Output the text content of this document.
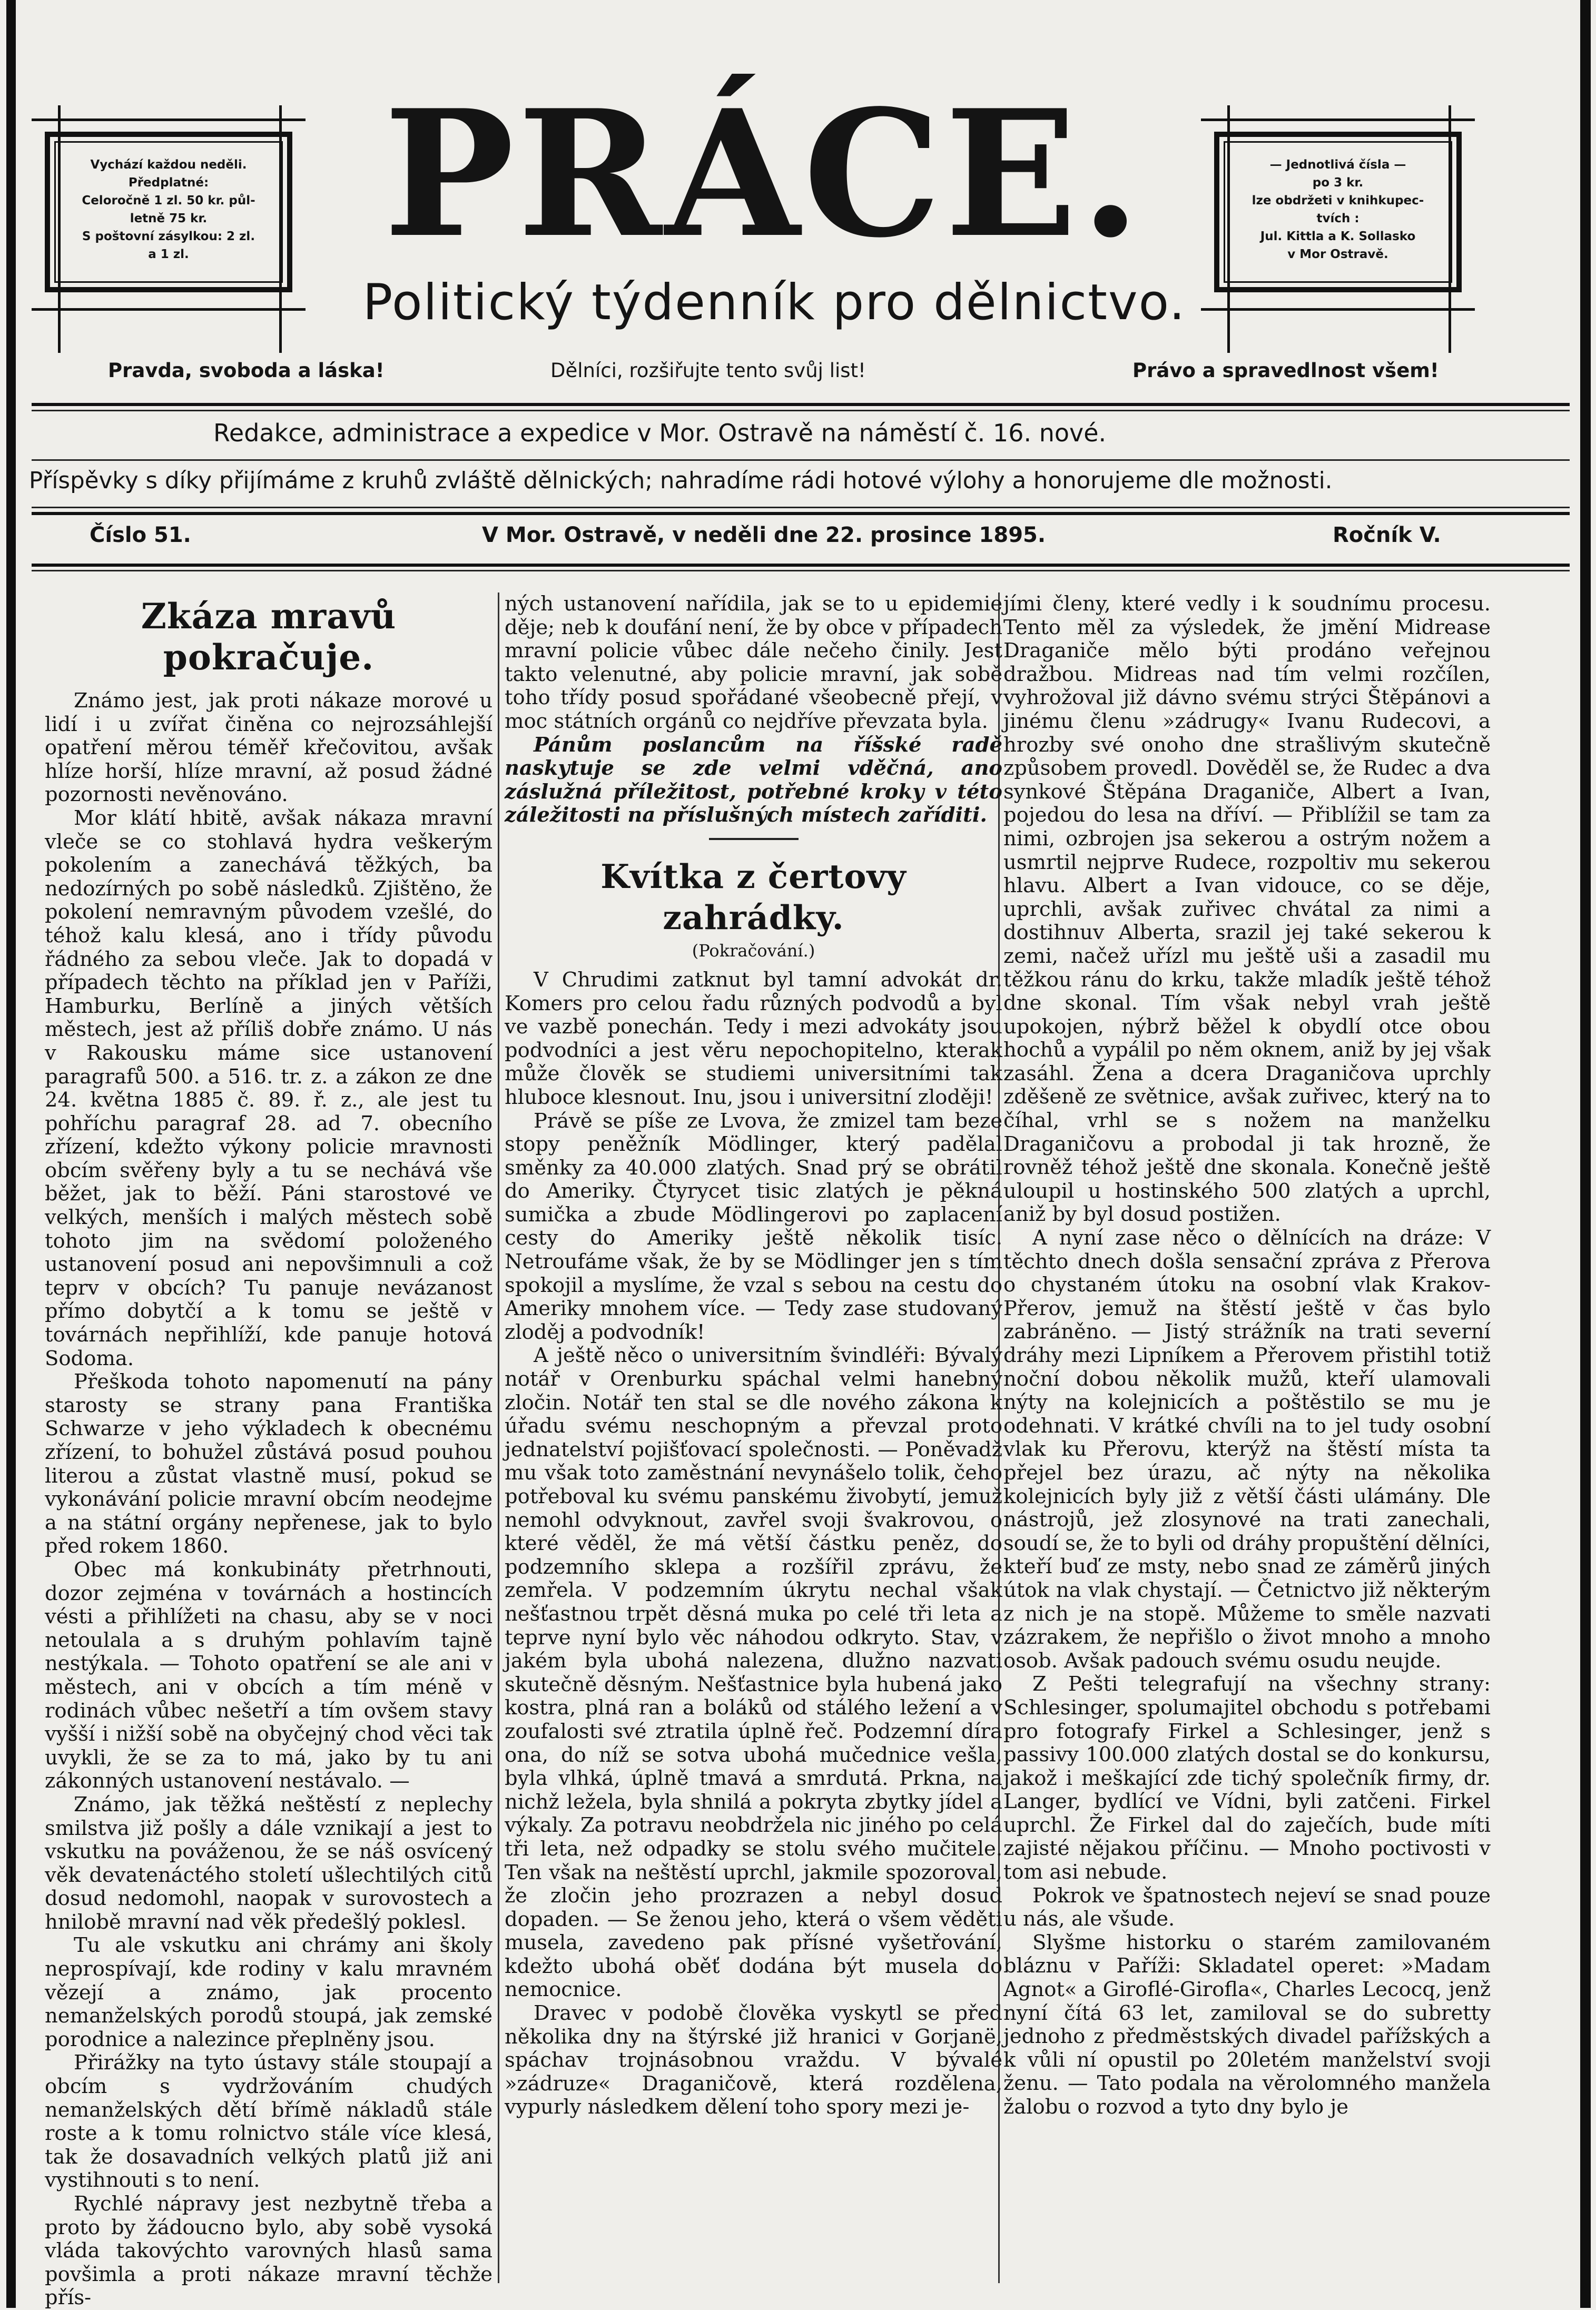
Vychází každou neděli.
Předplatné:
Celoročně 1 zl. 50 kr. půl-
letně 75 kr.
S poštovní zásylkou: 2 zl.
a 1 zl.
— Jednotlivá čísla —
po 3 kr.
lze obdržeti v knihkupec-
tvích :
Jul. Kittla a K. Sollasko
v Mor Ostravě.
PRÁCE.

Politický týdenník pro dělnictvo.

Pravda, svoboda a láska!	Dělníci, rozšiřujte tento svůj list!	Právo a spravedlnost všem!
Redakce, administrace a expedice v Mor. Ostravě na náměstí č. 16. nové.
Příspěvky s díky přijímáme z kruhů zvláště dělnických; nahradíme rádi hotové výlohy a honorujeme dle možnosti.
Číslo 51.	V Mor. Ostravě, v neděli dne 22. prosince 1895.	Ročník V.
Zkáza mravů pokračuje.

Známo jest, jak proti nákaze morové u lidí i u zvířat činěna co nejrozsáhlejší opatření měrou téměř křečovitou, avšak hlíze horší, hlíze mravní, až posud žádné pozornosti nevěnováno.

Mor klátí hbitě, avšak nákaza mravní vleče se co stohlavá hydra veškerým pokolením a zanechává těžkých, ba nedozírných po sobě následků. Zjištěno, že pokolení nemravným původem vzešlé, do téhož kalu klesá, ano i třídy původu řádného za sebou vleče. Jak to dopadá v případech těchto na příklad jen v Paříži, Hamburku, Berlíně a jiných větších městech, jest až příliš dobře známo. U nás v Rakousku máme sice ustanovení paragrafů 500. a 516. tr. z. a zákon ze dne 24. května 1885 č. 89. ř. z., ale jest tu pohříchu paragraf 28. ad 7. obecního zřízení, kdežto výkony policie mravnosti obcím svěřeny byly a tu se nechává vše běžet, jak to běží. Páni starostové ve velkých, menších i malých městech sobě tohoto jim na svědomí položeného ustanovení posud ani nepovšimnuli a což teprv v obcích? Tu panuje nevázanost přímo dobytčí a k tomu se ještě v továrnách nepřihlíží, kde panuje hotová Sodoma.

Přeškoda tohoto napomenutí na pány starosty se strany pana Františka Schwarze v jeho výkladech k obecnému zřízení, to bohužel zůstává posud pouhou literou a zůstat vlastně musí, pokud se vykonávání policie mravní obcím neodejme a na státní orgány nepřenese, jak to bylo před rokem 1860.

Obec má konkubináty přetrhnouti, dozor zejména v továrnách a hostincích vésti a přihlížeti na chasu, aby se v noci netoulala a s druhým pohlavím tajně nestýkala. — Tohoto opatření se ale ani v městech, ani v obcích a tím méně v rodinách vůbec nešetří a tím ovšem stavy vyšší i nižší sobě na obyčejný chod věci tak uvykli, že se za to má, jako by tu ani zákonných ustanovení nestávalo. —

Známo, jak těžká neštěstí z neplechy smilstva již pošly a dále vznikají a jest to vskutku na pováženou, že se náš osvícený věk devatenáctého století ušlechtilých citů dosud nedomohl, naopak v surovostech a hnilobě mravní nad věk předešlý poklesl.

Tu ale vskutku ani chrámy ani školy neprospívají, kde rodiny v kalu mravném vězejí a známo, jak procento nemanželských porodů stoupá, jak zemské porodnice a nalezince přeplněny jsou.

Přirážky na tyto ústavy stále stoupají a obcím s vydržováním chudých nemanželských dětí břímě nákladů stále roste a k tomu rolnictvo stále více klesá, tak že dosavadních velkých platů již ani vystihnouti s to není.

Rychlé nápravy jest nezbytně třeba a proto by žádoucno bylo, aby sobě vysoká vláda takovýchto varovných hlasů sama povšimla a proti nákaze mravní těchže přís-

ných ustanovení nařídila, jak se to u epidemie děje; neb k doufání není, že by obce v případech mravní policie vůbec dále nečeho činily. Jest takto velenutné, aby policie mravní, jak sobě toho třídy posud spořádané všeobecně přejí, v moc státních orgánů co nejdříve převzata byla.

Pánům poslancům na říšské radě naskytuje se zde velmi vděčná, ano záslužná příležitost, potřebné kroky v této záležitosti na příslušných místech zaříditi.

Kvítka z čertovy zahrádky.
(Pokračování.)

V Chrudimi zatknut byl tamní advokát dr. Komers pro celou řadu různých podvodů a byl ve vazbě ponechán. Tedy i mezi advokáty jsou podvodníci a jest věru nepochopitelno, kterak může člověk se studiemi universitními tak hluboce klesnout. Inu, jsou i universitní zloději!

Právě se píše ze Lvova, že zmizel tam beze stopy peněžník Mödlinger, který padělal směnky za 40.000 zlatých. Snad prý se obrátil do Ameriky. Čtyrycet tisic zlatých je pěkná sumička a zbude Mödlingerovi po zaplacení cesty do Ameriky ještě několik tisíc. Netroufáme však, že by se Mödlinger jen s tím spokojil a myslíme, že vzal s sebou na cestu do Ameriky mnohem více. — Tedy zase studovaný zloděj a podvodník!

A ještě něco o universitním švindléři: Bývalý notář v Orenburku spáchal velmi hanebný zločin. Notář ten stal se dle nového zákona k úřadu svému neschopným a převzal proto jednatelství pojišťovací společnosti. — Poněvadž mu však toto zaměstnání nevynášelo tolik, čeho potřeboval ku svému panskému živobytí, jemuž nemohl odvyknout, zavřel svoji švakrovou, o které věděl, že má větší částku peněz, do podzemního sklepa a rozšířil zprávu, že zemřela. V podzemním úkrytu nechal však nešťastnou trpět děsná muka po celé tři leta a teprve nyní bylo věc náhodou odkryto. Stav, v jakém byla ubohá nalezena, dlužno nazvati skutečně děsným. Nešťastnice byla hubená jako kostra, plná ran a boláků od stálého ležení a v zoufalosti své ztratila úplně řeč. Podzemní díra ona, do níž se sotva ubohá mučednice vešla, byla vlhká, úplně tmavá a smrdutá. Prkna, na nichž ležela, byla shnilá a pokryta zbytky jídel a výkaly. Za potravu neobdržela nic jiného po celá tři leta, než odpadky se stolu svého mučitele. Ten však na neštěstí uprchl, jakmile spozoroval, že zločin jeho prozrazen a nebyl dosud dopaden. — Se ženou jeho, která o všem věděti musela, zavedeno pak přísné vyšetřování, kdežto ubohá oběť dodána být musela do nemocnice.

Dravec v podobě člověka vyskytl se před několika dny na štýrské již hranici v Gorjanë, spáchav trojnásobnou vraždu. V bývalé »zádruze« Draganičově, která rozdělena, vypurly následkem dělení toho spory mezi je-

jími členy, které vedly i k soudnímu procesu. Tento měl za výsledek, že jmění Midrease Draganiče mělo býti prodáno veřejnou dražbou. Midreas nad tím velmi rozčílen, vyhrožoval již dávno svému strýci Štěpánovi a jinému členu »zádrugy« Ivanu Rudecovi, a hrozby své onoho dne strašlivým skutečně způsobem provedl. Dověděl se, že Rudec a dva synkové Štěpána Draganiče, Albert a Ivan, pojedou do lesa na dříví. — Přiblížil se tam za nimi, ozbrojen jsa sekerou a ostrým nožem a usmrtil nejprve Rudece, rozpoltiv mu sekerou hlavu. Albert a Ivan vidouce, co se děje, uprchli, avšak zuřivec chvátal za nimi a dostihnuv Alberta, srazil jej také sekerou k zemi, načež uřízl mu ještě uši a zasadil mu těžkou ránu do krku, takže mladík ještě téhož dne skonal. Tím však nebyl vrah ještě upokojen, nýbrž běžel k obydlí otce obou hochů a vypálil po něm oknem, aniž by jej však zasáhl. Žena a dcera Draganičova uprchly zděšeně ze světnice, avšak zuřivec, který na to číhal, vrhl se s nožem na manželku Draganičovu a probodal ji tak hrozně, že rovněž téhož ještě dne skonala. Konečně ještě uloupil u hostinského 500 zlatých a uprchl, aniž by byl dosud postižen.

A nyní zase něco o dělnících na dráze: V těchto dnech došla sensační zpráva z Přerova o chystaném útoku na osobní vlak Krakov-Přerov, jemuž na štěstí ještě v čas bylo zabráněno. — Jistý strážník na trati severní dráhy mezi Lipníkem a Přerovem přistihl totiž noční dobou několik mužů, kteří ulamovali nýty na kolejnicích a poštěstilo se mu je odehnati. V krátké chvíli na to jel tudy osobní vlak ku Přerovu, kterýž na štěstí místa ta přejel bez úrazu, ač nýty na několika kolejnicích byly již z větší části ulámány. Dle nástrojů, jež zlosynové na trati zanechali, soudí se, že to byli od dráhy propuštění dělníci, kteří buď ze msty, nebo snad ze záměrů jiných útok na vlak chystají. — Četnictvo již některým z nich je na stopě. Můžeme to směle nazvati zázrakem, že nepřišlo o život mnoho a mnoho osob. Avšak padouch svému osudu neujde.

Z Pešti telegrafují na všechny strany: Schlesinger, spolumajitel obchodu s potřebami pro fotografy Firkel a Schlesinger, jenž s passivy 100.000 zlatých dostal se do konkursu, jakož i meškající zde tichý společník firmy, dr. Langer, bydlící ve Vídni, byli zatčeni. Firkel uprchl. Že Firkel dal do zaječích, bude míti zajisté nějakou příčinu. — Mnoho poctivosti v tom asi nebude.

Pokrok ve špatnostech nejeví se snad pouze u nás, ale všude.

Slyšme historku o starém zamilovaném bláznu v Paříži: Skladatel operet: »Madam Agnot« a Giroflé-Girofla«, Charles Lecocq, jenž nyní čítá 63 let, zamiloval se do subretty jednoho z předměstských divadel pařížských a k vůli ní opustil po 20letém manželství svoji ženu. — Tato podala na věrolomného manžela žalobu o rozvod a tyto dny bylo je
